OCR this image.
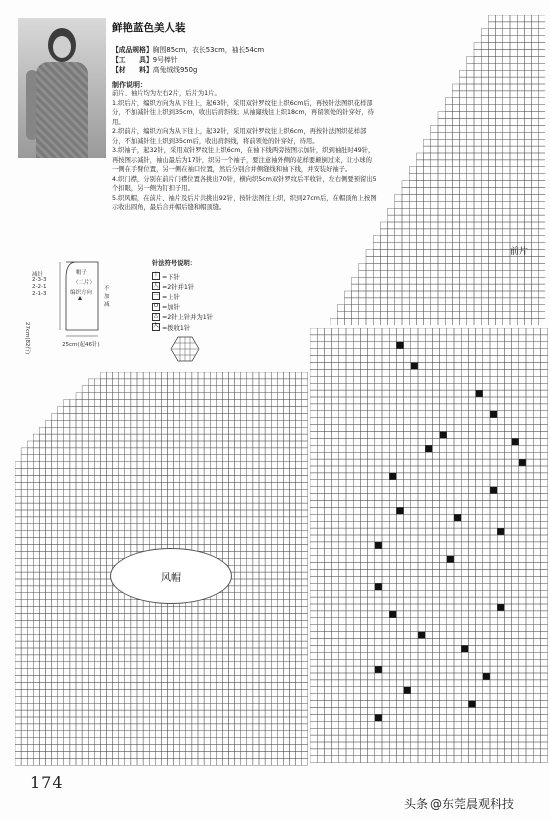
鲜艳蓝色美人装
【成品规格】胸围85cm，衣长53cm，袖长54cm
【工　　具】9号棒针
【材　　料】高兔绒线950g
制作说明：

前片、袖片均为左右2片，后片为1片。

1.织后片，编织方向为从下往上，起63针，采用双针罗纹往上织6cm后，再按针法图织花样部分，不加减针往上织到35cm，收出后肩斜线；从袖窿线往上织18cm，再留领处的针穿好，待用。

2.织前片，编织方向为从下往上，起32针，采用双针罗纹往上织6cm，再按针法图织花样部分，不加减针往上织到35cm后，收出肩斜线，将前领处的针穿好，待用。

3.织袖子，起32针，采用双针罗纹往上织6cm，在袖下线两旁按图示加针，织到袖肚时49针，再按图示减针，袖山最后为17针，织另一个袖子，要注意袖外侧的花样要颠倒过来，让小球的一侧在手臂位置，另一侧在袖口位置，然后分别合并侧缝线和袖下线，并安装好袖子。

4.织门襟，分别在前片门襟位置各挑出70针，横向织5cm双针罗纹后平收针，左右侧要预留出5个扣眼，另一侧为钉扣子用。

5.织风帽，在前片、袖片及后片共挑出92针，按针法图往上织，织到27cm后，在帽顶角上按图示收出圆角，最后合并帽后缝和帽顶缝。

减针
2-3-3
2-2-1
2-1-3
帽子
（二片）
编织方向
不加减
27cm(82行)	25cm(起46针)
针法符号说明：
丨 =下针
人 =2针并1针
一 =上针
O =加针
△ =2针上针并为1针
入 =拨收1针
前片
风帽
174
头条 @东莞晨观科技
